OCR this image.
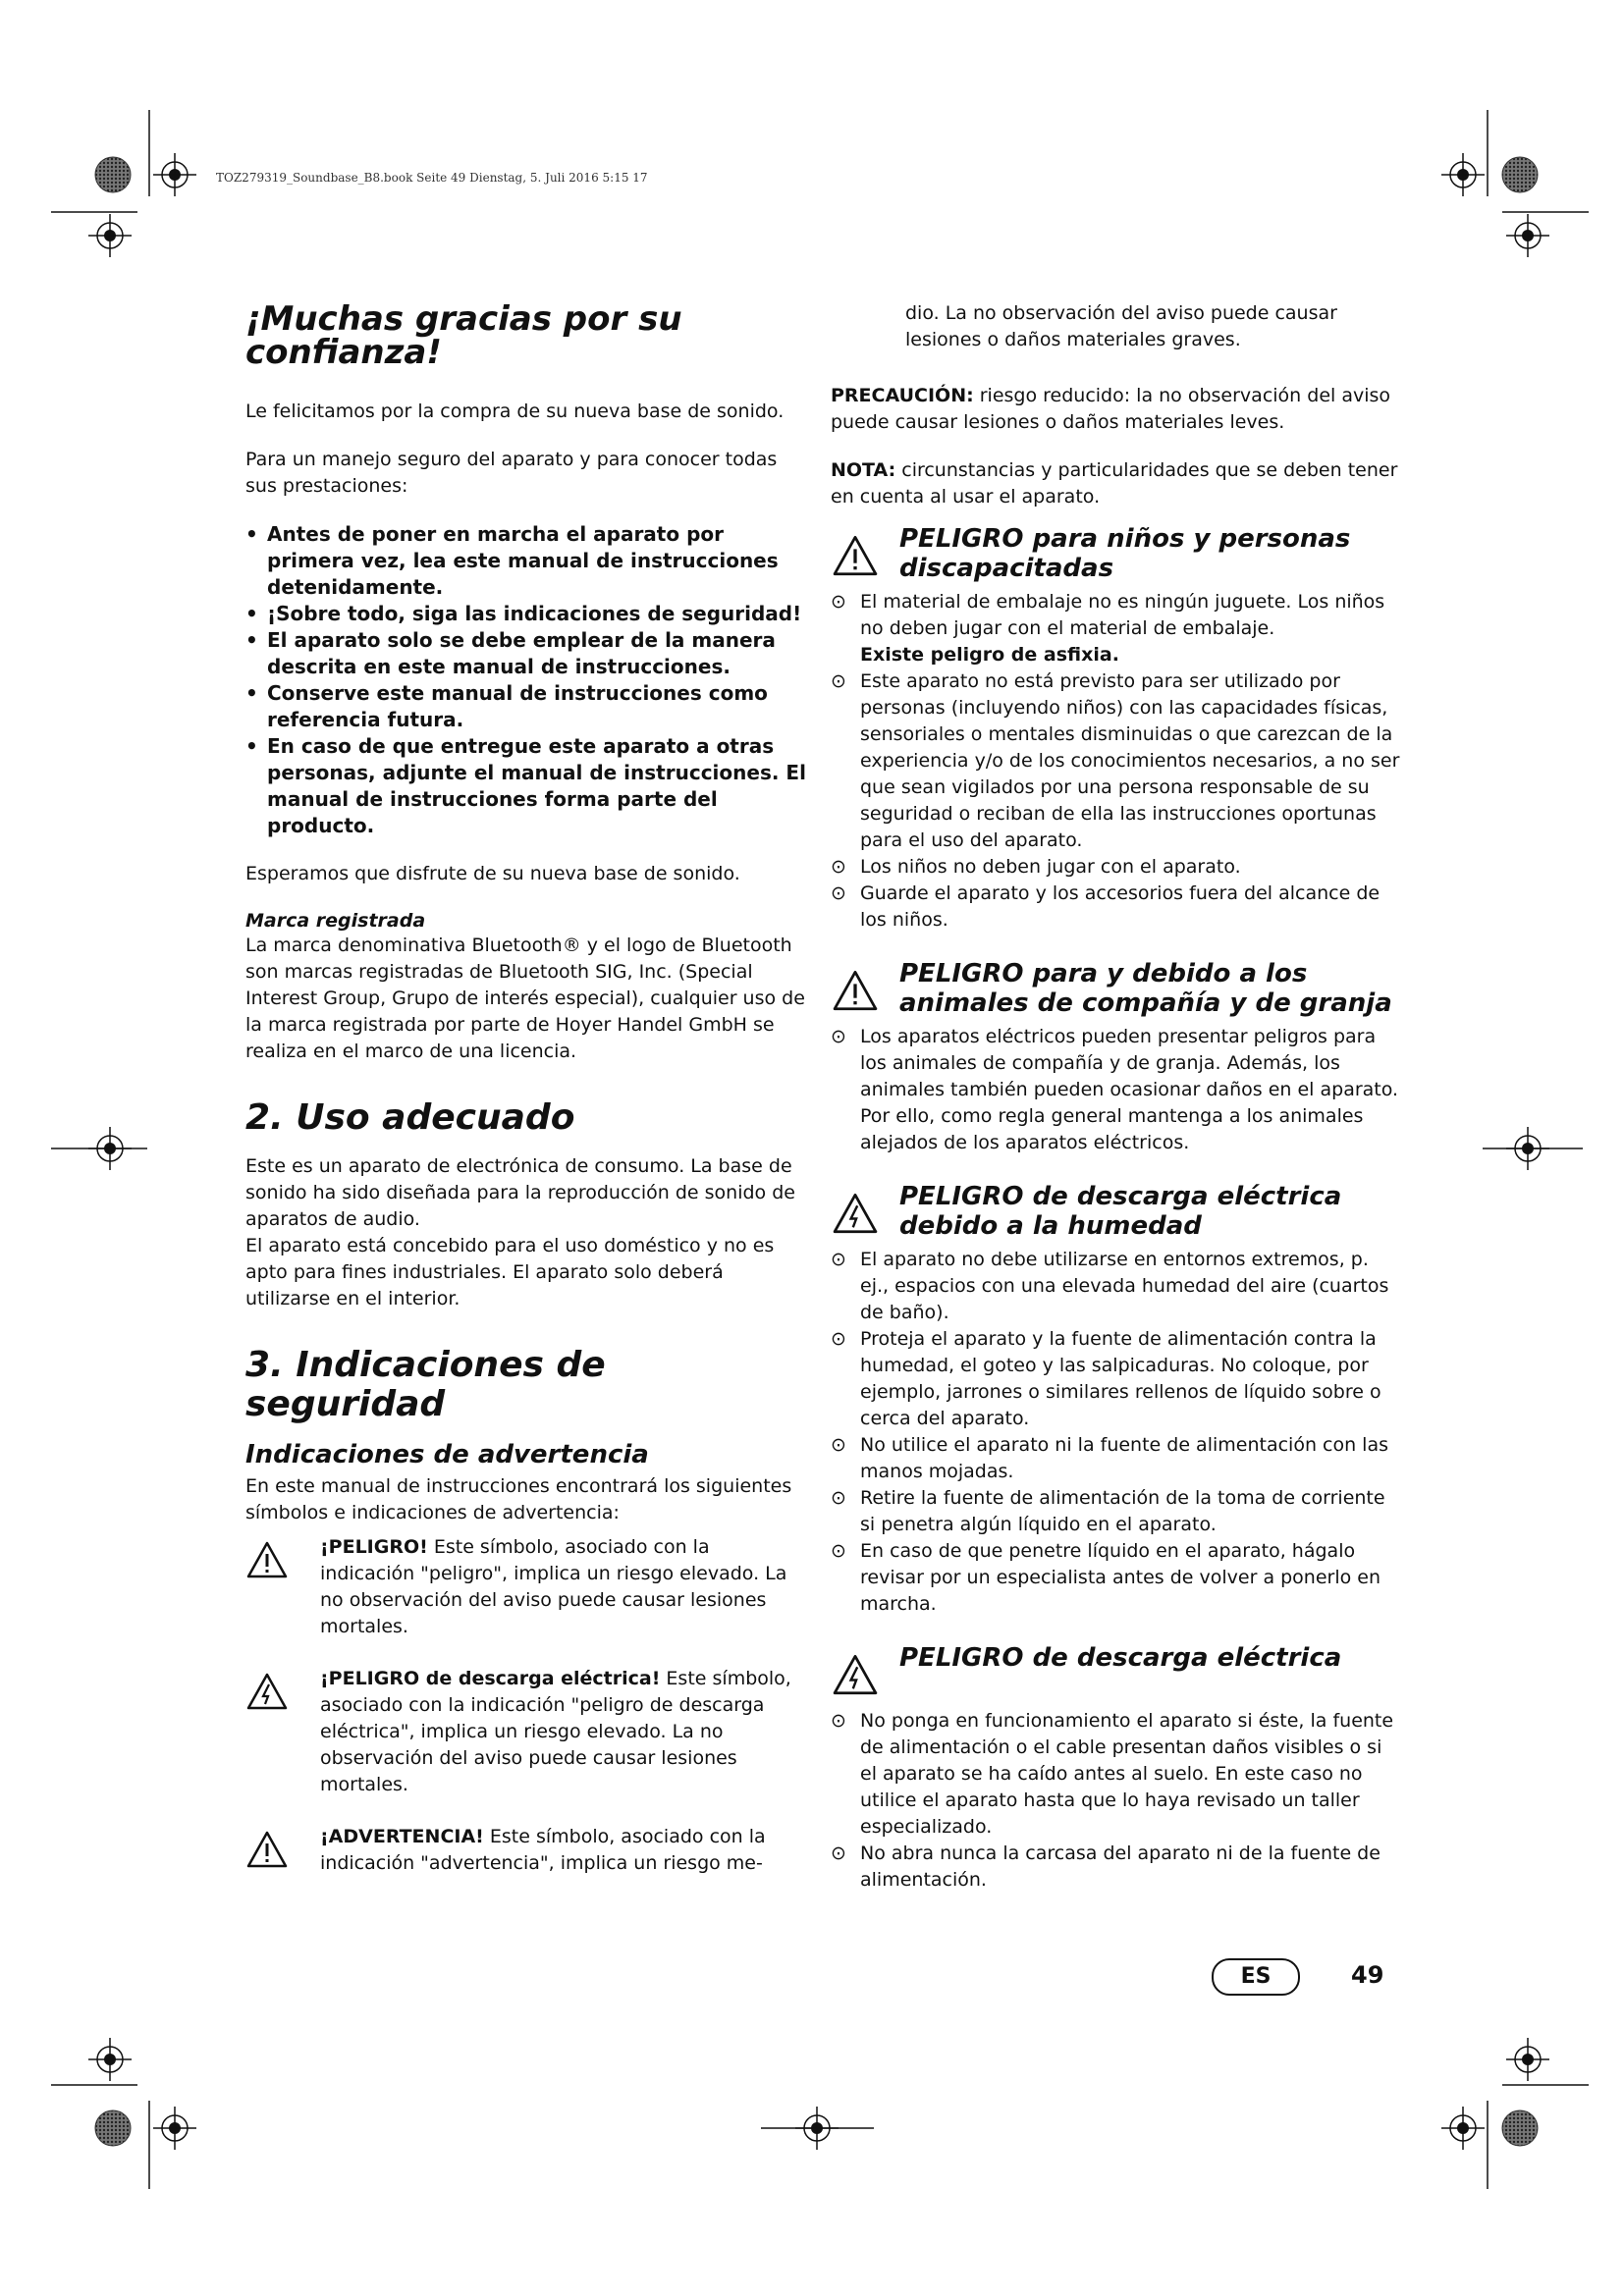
TOZ279319_Soundbase_B8.book Seite 49 Dienstag, 5. Juli 2016 5:15 17
¡Muchas gracias por su confianza!

Le felicitamos por la compra de su nueva base de sonido.

Para un manejo seguro del aparato y para conocer todas sus prestaciones:

• Antes de poner en marcha el aparato por primera vez, lea este manual de instrucciones detenidamente.
• ¡Sobre todo, siga las indicaciones de seguridad!
• El aparato solo se debe emplear de la manera descrita en este manual de instrucciones.
• Conserve este manual de instrucciones como referencia futura.
• En caso de que entregue este aparato a otras personas, adjunte el manual de instrucciones. El manual de instrucciones forma parte del producto.

Esperamos que disfrute de su nueva base de sonido.

Marca registrada

La marca denominativa Bluetooth® y el logo de Bluetooth son marcas registradas de Bluetooth SIG, Inc. (Special Interest Group, Grupo de interés especial), cualquier uso de la marca registrada por parte de Hoyer Handel GmbH se realiza en el marco de una licencia.

2. Uso adecuado

Este es un aparato de electrónica de consumo. La base de sonido ha sido diseñada para la reproducción de sonido de aparatos de audio.

El aparato está concebido para el uso doméstico y no es apto para fines industriales. El aparato solo deberá utilizarse en el interior.

3. Indicaciones de seguridad
Indicaciones de advertencia

En este manual de instrucciones encontrará los siguientes símbolos e indicaciones de advertencia:

¡PELIGRO! Este símbolo, asociado con la indicación "peligro", implica un riesgo elevado. La no observación del aviso puede causar lesiones mortales.
¡PELIGRO de descarga eléctrica! Este símbolo, asociado con la indicación "peligro de descarga eléctrica", implica un riesgo elevado. La no observación del aviso puede causar lesiones mortales.
¡ADVERTENCIA! Este símbolo, asociado con la indicación "advertencia", implica un riesgo me-

dio. La no observación del aviso puede causar lesiones o daños materiales graves.

PRECAUCIÓN: riesgo reducido: la no observación del aviso puede causar lesiones o daños materiales leves.

NOTA: circunstancias y particularidades que se deben tener en cuenta al usar el aparato.

PELIGRO para niños y personas discapacitadas
⊙ El material de embalaje no es ningún juguete. Los niños no deben jugar con el material de embalaje.
Existe peligro de asfixia.
⊙ Este aparato no está previsto para ser utilizado por personas (incluyendo niños) con las capacidades físicas, sensoriales o mentales disminuidas o que carezcan de la experiencia y/o de los conocimientos necesarios, a no ser que sean vigilados por una persona responsable de su seguridad o reciban de ella las instrucciones oportunas para el uso del aparato.
⊙ Los niños no deben jugar con el aparato.
⊙ Guarde el aparato y los accesorios fuera del alcance de los niños.
PELIGRO para y debido a los animales de compañía y de granja
⊙ Los aparatos eléctricos pueden presentar peligros para los animales de compañía y de granja. Además, los animales también pueden ocasionar daños en el aparato. Por ello, como regla general mantenga a los animales alejados de los aparatos eléctricos.
PELIGRO de descarga eléctrica debido a la humedad
⊙ El aparato no debe utilizarse en entornos extremos, p. ej., espacios con una elevada humedad del aire (cuartos de baño).
⊙ Proteja el aparato y la fuente de alimentación contra la humedad, el goteo y las salpicaduras. No coloque, por ejemplo, jarrones o similares rellenos de líquido sobre o cerca del aparato.
⊙ No utilice el aparato ni la fuente de alimentación con las manos mojadas.
⊙ Retire la fuente de alimentación de la toma de corriente si penetra algún líquido en el aparato.
⊙ En caso de que penetre líquido en el aparato, hágalo revisar por un especialista antes de volver a ponerlo en marcha.
PELIGRO de descarga eléctrica
⊙ No ponga en funcionamiento el aparato si éste, la fuente de alimentación o el cable presentan daños visibles o si el aparato se ha caído antes al suelo. En este caso no utilice el aparato hasta que lo haya revisado un taller especializado.
⊙ No abra nunca la carcasa del aparato ni de la fuente de alimentación.
ES	49
